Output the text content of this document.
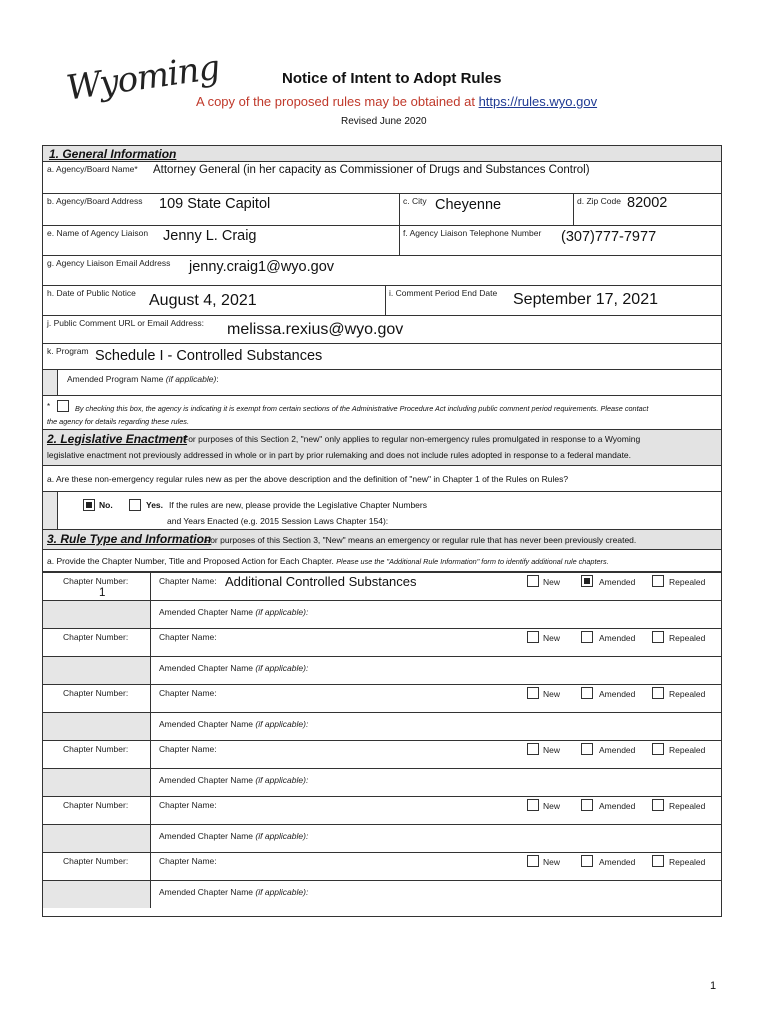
Wyoming	Notice of Intent to Adopt Rules
A copy of the proposed rules may be obtained at https://rules.wyo.gov
Revised June 2020
1. General Information
a. Agency/Board Name* Attorney General (in her capacity as Commissioner of Drugs and Substances Control)
b. Agency/Board Address 109 State Capitol	c. City Cheyenne	d. Zip Code 82002
e. Name of Agency Liaison Jenny L. Craig	f. Agency Liaison Telephone Number (307)777-7977
g. Agency Liaison Email Address jenny.craig1@wyo.gov
h. Date of Public Notice August 4, 2021	i. Comment Period End Date September 17, 2021
j. Public Comment URL or Email Address: melissa.rexius@wyo.gov
k. Program Schedule I - Controlled Substances
Amended Program Name (if applicable):
*	By checking this box, the agency is indicating it is exempt from certain sections of the Administrative Procedure Act including public comment period requirements. Please contact
the agency for details regarding these rules.
2. Legislative Enactment
For purposes of this Section 2, "new" only applies to regular non-emergency rules promulgated in response to a Wyoming
legislative enactment not previously addressed in whole or in part by prior rulemaking and does not include rules adopted in response to a federal mandate.
a. Are these non-emergency regular rules new as per the above description and the definition of "new" in Chapter 1 of the Rules on Rules?
No.	Yes. If the rules are new, please provide the Legislative Chapter Numbers
and Years Enacted (e.g. 2015 Session Laws Chapter 154):
3. Rule Type and Information
For purposes of this Section 3, "New" means an emergency or regular rule that has never been previously created.
a. Provide the Chapter Number, Title and Proposed Action for Each Chapter. Please use the "Additional Rule Information" form to identify additional rule chapters.
Chapter Number:
1
Chapter Name: Additional Controlled Substances	New	Amended	Repealed
Amended Chapter Name (if applicable):
Chapter Number:	Chapter Name:	New	Amended	Repealed
Amended Chapter Name (if applicable):
Chapter Number:	Chapter Name:	New	Amended	Repealed
Amended Chapter Name (if applicable):
Chapter Number:	Chapter Name:	New	Amended	Repealed
Amended Chapter Name (if applicable):
Chapter Number:	Chapter Name:	New	Amended	Repealed
Amended Chapter Name (if applicable):
Chapter Number:	Chapter Name:	New	Amended	Repealed
Amended Chapter Name (if applicable):
1
